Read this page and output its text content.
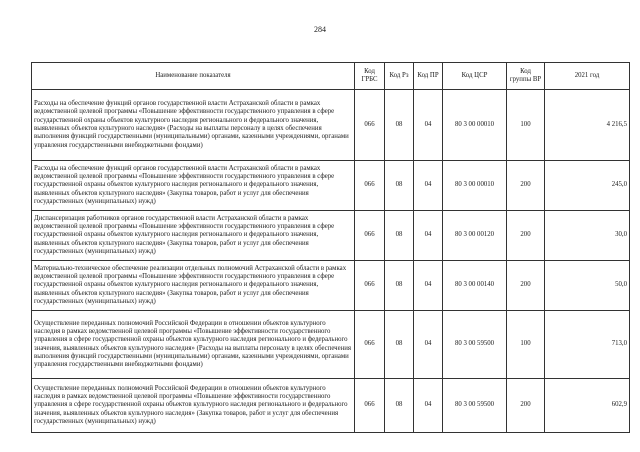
284
Наименование показателя	Код ГРБС	Код Рз	Код ПР	Код ЦСР	Код группы ВР	2021 год
Расходы на обеспечение функций органов государственной власти Астраханской области в рамках ведомственной целевой программы «Повышение эффективности государственного управления в сфере государственной охраны объектов культурного наследия регионального и федерального значения, выявленных объектов культурного наследия» (Расходы на выплаты персоналу в целях обеспечения выполнения функций государственными (муниципальными) органами, казенными учреждениями, органами управления государственными внебюджетными фондами)	066	08	04	80 3 00 00010	100	4 216,5
Расходы на обеспечение функций органов государственной власти Астраханской области в рамках ведомственной целевой программы «Повышение эффективности государственного управления в сфере государственной охраны объектов культурного наследия регионального и федерального значения, выявленных объектов культурного наследия» (Закупка товаров, работ и услуг для обеспечения государственных (муниципальных) нужд)	066	08	04	80 3 00 00010	200	245,0
Диспансеризация работников органов государственной власти Астраханской области в рамках ведомственной целевой программы «Повышение эффективности государственного управления в сфере государственной охраны объектов культурного наследия регионального и федерального значения, выявленных объектов культурного наследия» (Закупка товаров, работ и услуг для обеспечения государственных (муниципальных) нужд)	066	08	04	80 3 00 00120	200	30,0
Материально-техническое обеспечение реализации отдельных полномочий Астраханской области в рамках ведомственной целевой программы «Повышение эффективности государственного управления в сфере государственной охраны объектов культурного наследия регионального и федерального значения, выявленных объектов культурного наследия» (Закупка товаров, работ и услуг для обеспечения государственных (муниципальных) нужд)	066	08	04	80 3 00 00140	200	50,0
Осуществление переданных полномочий Российской Федерации в отношении объектов культурного наследия в рамках ведомственной целевой программы «Повышение эффективности государственного управления в сфере государственной охраны объектов культурного наследия регионального и федерального значения, выявленных объектов культурного наследия» (Расходы на выплаты персоналу в целях обеспечения выполнения функций государственными (муниципальными) органами, казенными учреждениями, органами управления государственными внебюджетными фондами)	066	08	04	80 3 00 59500	100	713,0
Осуществление переданных полномочий Российской Федерации в отношении объектов культурного наследия в рамках ведомственной целевой программы «Повышение эффективности государственного управления в сфере государственной охраны объектов культурного наследия регионального и федерального значения, выявленных объектов культурного наследия» (Закупка товаров, работ и услуг для обеспечения государственных (муниципальных) нужд)	066	08	04	80 3 00 59500	200	602,9
